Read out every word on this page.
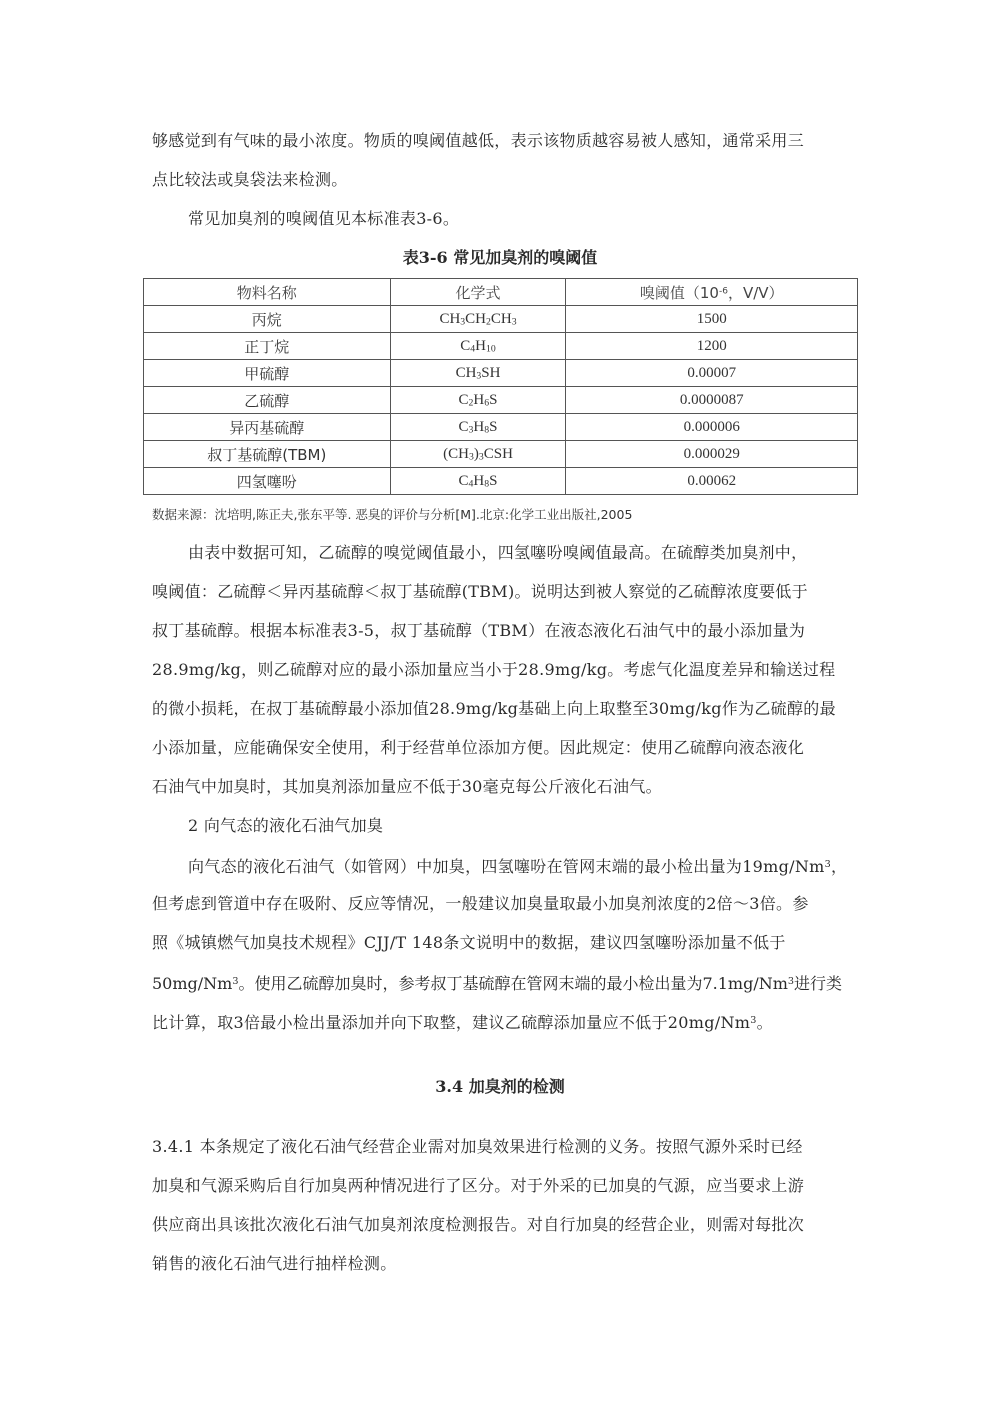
够感觉到有气味的最小浓度。物质的嗅阈值越低，表示该物质越容易被人感知，通常采用三
点比较法或臭袋法来检测。
常见加臭剂的嗅阈值见本标准表3-6。
表3-6 常见加臭剂的嗅阈值
物料名称	化学式	嗅阈值（$10^{-6}$，V/V）
丙烷	$CH_3CH_2CH_3$	1500
正丁烷	$C_4H_{10}$	1200
甲硫醇	$CH_3SH$	0.00007
乙硫醇	$C_2H_6S$	0.0000087
异丙基硫醇	$C_3H_8S$	0.000006
叔丁基硫醇(TBM)	$(CH_3)_3CSH$	0.000029
四氢噻吩	$C_4H_8S$	0.00062
数据来源：沈培明,陈正夫,张东平等. 恶臭的评价与分析[M].北京:化学工业出版社,2005
由表中数据可知，乙硫醇的嗅觉阈值最小，四氢噻吩嗅阈值最高。在硫醇类加臭剂中，
嗅阈值：乙硫醇＜异丙基硫醇＜叔丁基硫醇(TBM)。说明达到被人察觉的乙硫醇浓度要低于
叔丁基硫醇。根据本标准表3-5，叔丁基硫醇（TBM）在液态液化石油气中的最小添加量为
28.9mg/kg，则乙硫醇对应的最小添加量应当小于28.9mg/kg。考虑气化温度差异和输送过程
的微小损耗，在叔丁基硫醇最小添加值28.9mg/kg基础上向上取整至30mg/kg作为乙硫醇的最
小添加量，应能确保安全使用，利于经营单位添加方便。因此规定：使用乙硫醇向液态液化
石油气中加臭时，其加臭剂添加量应不低于30毫克每公斤液化石油气。
2 向气态的液化石油气加臭
向气态的液化石油气（如管网）中加臭，四氢噻吩在管网末端的最小检出量为19mg/Nm$^3$，
但考虑到管道中存在吸附、反应等情况，一般建议加臭量取最小加臭剂浓度的2倍～3倍。参
照《城镇燃气加臭技术规程》CJJ/T 148条文说明中的数据，建议四氢噻吩添加量不低于
50mg/Nm$^3$。使用乙硫醇加臭时，参考叔丁基硫醇在管网末端的最小检出量为7.1mg/Nm$^3$进行类
比计算，取3倍最小检出量添加并向下取整，建议乙硫醇添加量应不低于20mg/Nm$^3$。
3.4 加臭剂的检测
3.4.1 本条规定了液化石油气经营企业需对加臭效果进行检测的义务。按照气源外采时已经
加臭和气源采购后自行加臭两种情况进行了区分。对于外采的已加臭的气源，应当要求上游
供应商出具该批次液化石油气加臭剂浓度检测报告。对自行加臭的经营企业，则需对每批次
销售的液化石油气进行抽样检测。
